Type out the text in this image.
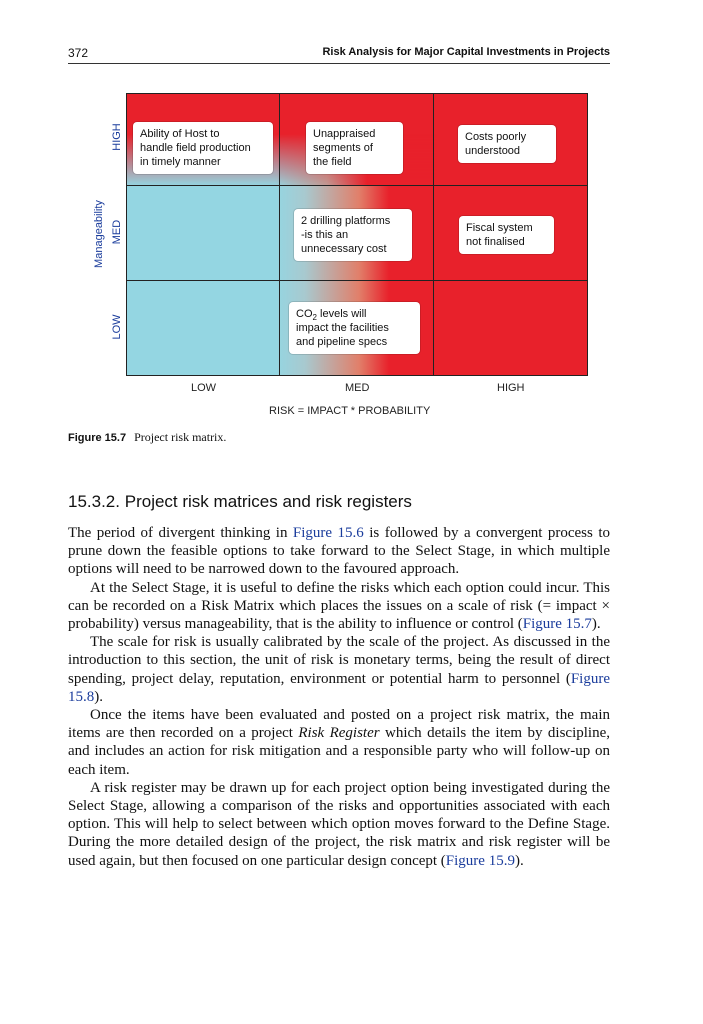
372	Risk Analysis for Major Capital Investments in Projects
Ability of Host to
handle field production
in timely manner
Unappraised
segments of
the field
Costs poorly
understood
2 drilling platforms
-is this an
unnecessary cost
Fiscal system
not finalised
$CO_2$ levels will
impact the facilities
and pipeline specs
Manageability
HIGH
MED
LOW
LOW	MED	HIGH
RISK = IMPACT * PROBABILITY
Figure 15.7 Project risk matrix.
15.3.2. Project risk matrices and risk registers

The period of divergent thinking in Figure 15.6 is followed by a convergent process to prune down the feasible options to take forward to the Select Stage, in which multiple options will need to be narrowed down to the favoured approach.

At the Select Stage, it is useful to define the risks which each option could incur. This can be recorded on a Risk Matrix which places the issues on a scale of risk (= impact × probability) versus manageability, that is the ability to influence or control (Figure 15.7).

The scale for risk is usually calibrated by the scale of the project. As discussed in the introduction to this section, the unit of risk is monetary terms, being the result of direct spending, project delay, reputation, environment or potential harm to personnel (Figure 15.8).

Once the items have been evaluated and posted on a project risk matrix, the main items are then recorded on a project Risk Register which details the item by discipline, and includes an action for risk mitigation and a responsible party who will follow-up on each item.

A risk register may be drawn up for each project option being investigated during the Select Stage, allowing a comparison of the risks and opportunities associated with each option. This will help to select between which option moves forward to the Define Stage. During the more detailed design of the project, the risk matrix and risk register will be used again, but then focused on one particular design concept (Figure 15.9).
